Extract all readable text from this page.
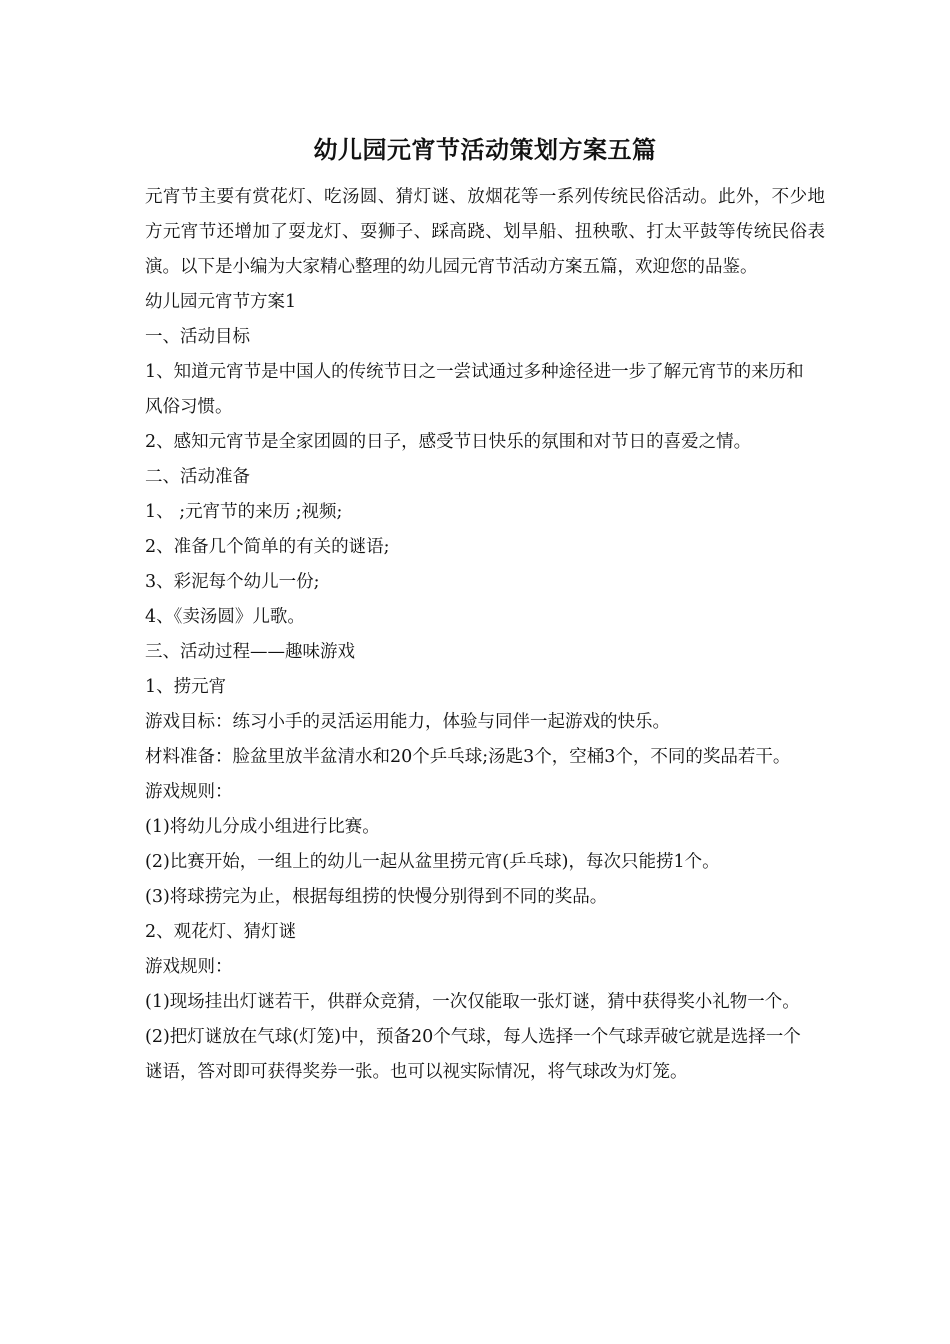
幼儿园元宵节活动策划方案五篇

元宵节主要有赏花灯、吃汤圆、猜灯谜、放烟花等一系列传统民俗活动。此外，不少地方元宵节还增加了耍龙灯、耍狮子、踩高跷、划旱船、扭秧歌、打太平鼓等传统民俗表演。以下是小编为大家精心整理的幼儿园元宵节活动方案五篇，欢迎您的品鉴。

幼儿园元宵节方案1

一、活动目标

1、知道元宵节是中国人的传统节日之一尝试通过多种途径进一步了解元宵节的来历和风俗习惯。

2、感知元宵节是全家团圆的日子，感受节日快乐的氛围和对节日的喜爱之情。

二、活动准备

1、 ;元宵节的来历 ;视频;

2、准备几个简单的有关的谜语;

3、彩泥每个幼儿一份;

4、《卖汤圆》儿歌。

三、活动过程——趣味游戏

1、捞元宵

游戏目标：练习小手的灵活运用能力，体验与同伴一起游戏的快乐。

材料准备：脸盆里放半盆清水和20个乒乓球;汤匙3个，空桶3个，不同的奖品若干。

游戏规则：

(1)将幼儿分成小组进行比赛。

(2)比赛开始，一组上的幼儿一起从盆里捞元宵(乒乓球)，每次只能捞1个。

(3)将球捞完为止，根据每组捞的快慢分别得到不同的奖品。

2、观花灯、猜灯谜

游戏规则：

(1)现场挂出灯谜若干，供群众竞猜，一次仅能取一张灯谜，猜中获得奖小礼物一个。

(2)把灯谜放在气球(灯笼)中，预备20个气球，每人选择一个气球弄破它就是选择一个谜语，答对即可获得奖券一张。也可以视实际情况，将气球改为灯笼。
